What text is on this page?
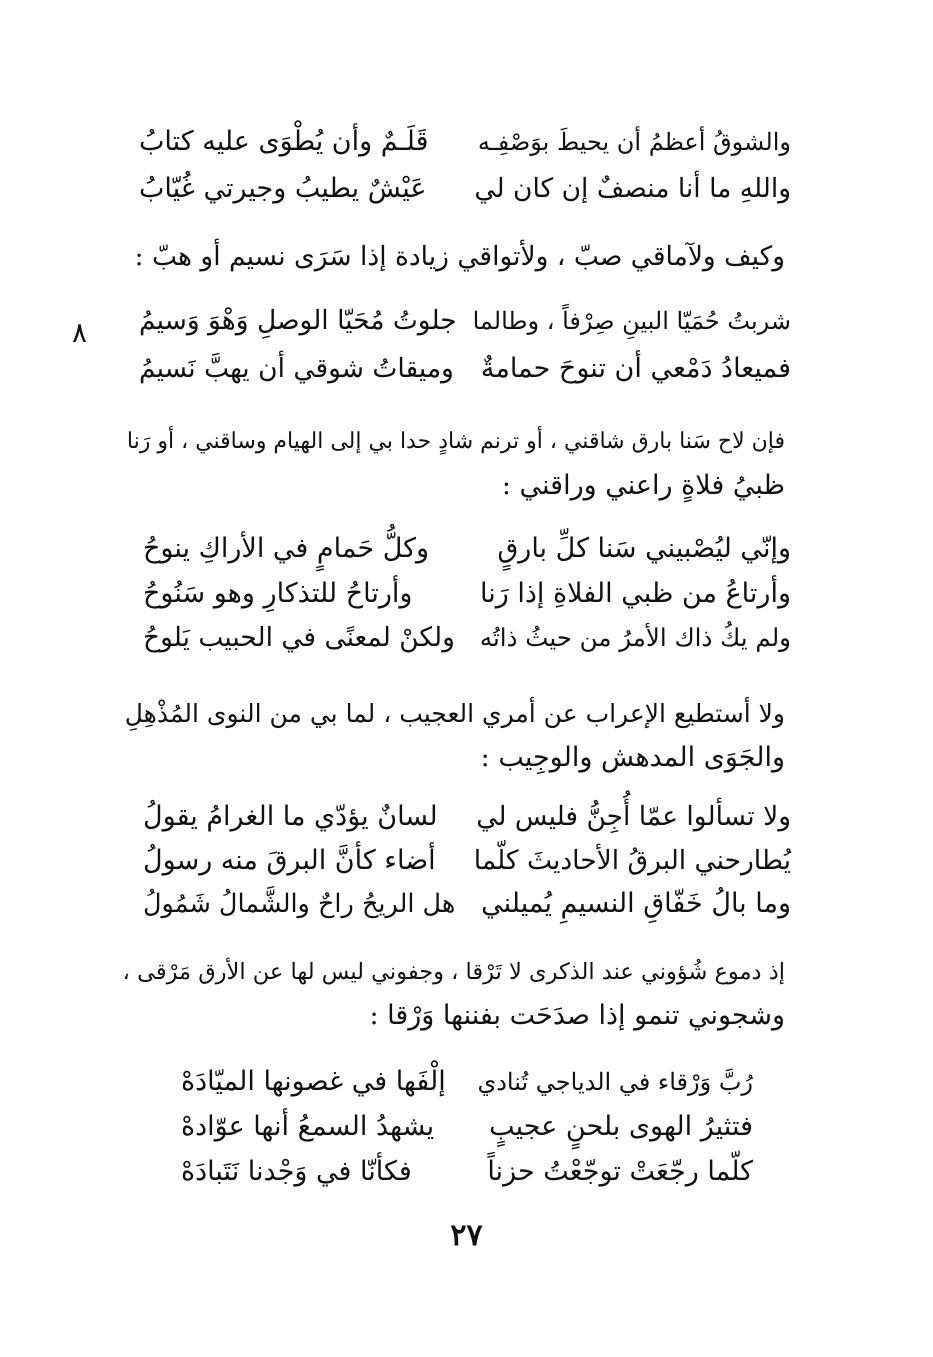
والشوقُ أعظمُ أن يحيطَ بوَصْفِـه
قَلَـمٌ وأن يُطْوَى عليه كتابُ
واللهِ ما أنا منصفٌ إن كان لي
عَيْشٌ يطيبُ وجيرتي غُيّابُ
وكيف ولآماقي صبّ ، ولأتواقي زيادة إذا سَرَى نسيم أو هبّ :
شربتُ حُمَيّا البينِ صِرْفاً ، وطالما
جلوتُ مُحَيّا الوصلِ وَهْوَ وَسيمُ
فميعادُ دَمْعي أن تنوحَ حمامةٌ
وميقاتُ شوقي أن يهبَّ نَسيمُ
٨
فإن لاح سَنا بارق شاقني ، أو ترنم شادٍ حدا بي إلى الهيام وساقني ، أو رَنا
ظبيُ فلاةٍ راعني وراقني :
وإنّي ليُصْبيني سَنا كلِّ بارقٍ
وكلُّ حَمامٍ في الأراكِ ينوحُ
وأرتاعُ من ظبي الفلاةِ إذا رَنا
وأرتاحُ للتذكارِ وهو سَنُوحُ
ولم يكُ ذاك الأمرُ من حيثُ ذاتُه
ولكنْ لمعنًى في الحبيب يَلوحُ
ولا أستطيع الإعراب عن أمري العجيب ، لما بي من النوى المُذْهِلِ
والجَوَى المدهش والوجِيب :
ولا تسألوا عمّا أُجِنُّ فليس لي
لسانٌ يؤدّي ما الغرامُ يقولُ
يُطارحني البرقُ الأحاديثَ كلّما
أضاء كأنَّ البرقَ منه رسولُ
وما بالُ خَفّاقِ النسيمِ يُميلني
هل الريحُ راحٌ والشَّمالُ شَمُولُ
إذ دموع شُؤوني عند الذكرى لا تَرْقا ، وجفوني ليس لها عن الأرق مَرْقى ،
وشجوني تنمو إذا صدَحَت بفننها وَرْقا :
رُبَّ وَرْقاء في الدياجي تُنادي
إلْفَها في غصونها الميّادَهْ
فتثيرُ الهوى بلحنٍ عجيبٍ
يشهدُ السمعُ أنها عوّادهْ
كلّما رجّعَتْ توجّعْتُ حزناً
فكأنّا في وَجْدنا نَتَبادَهْ
٢٧
